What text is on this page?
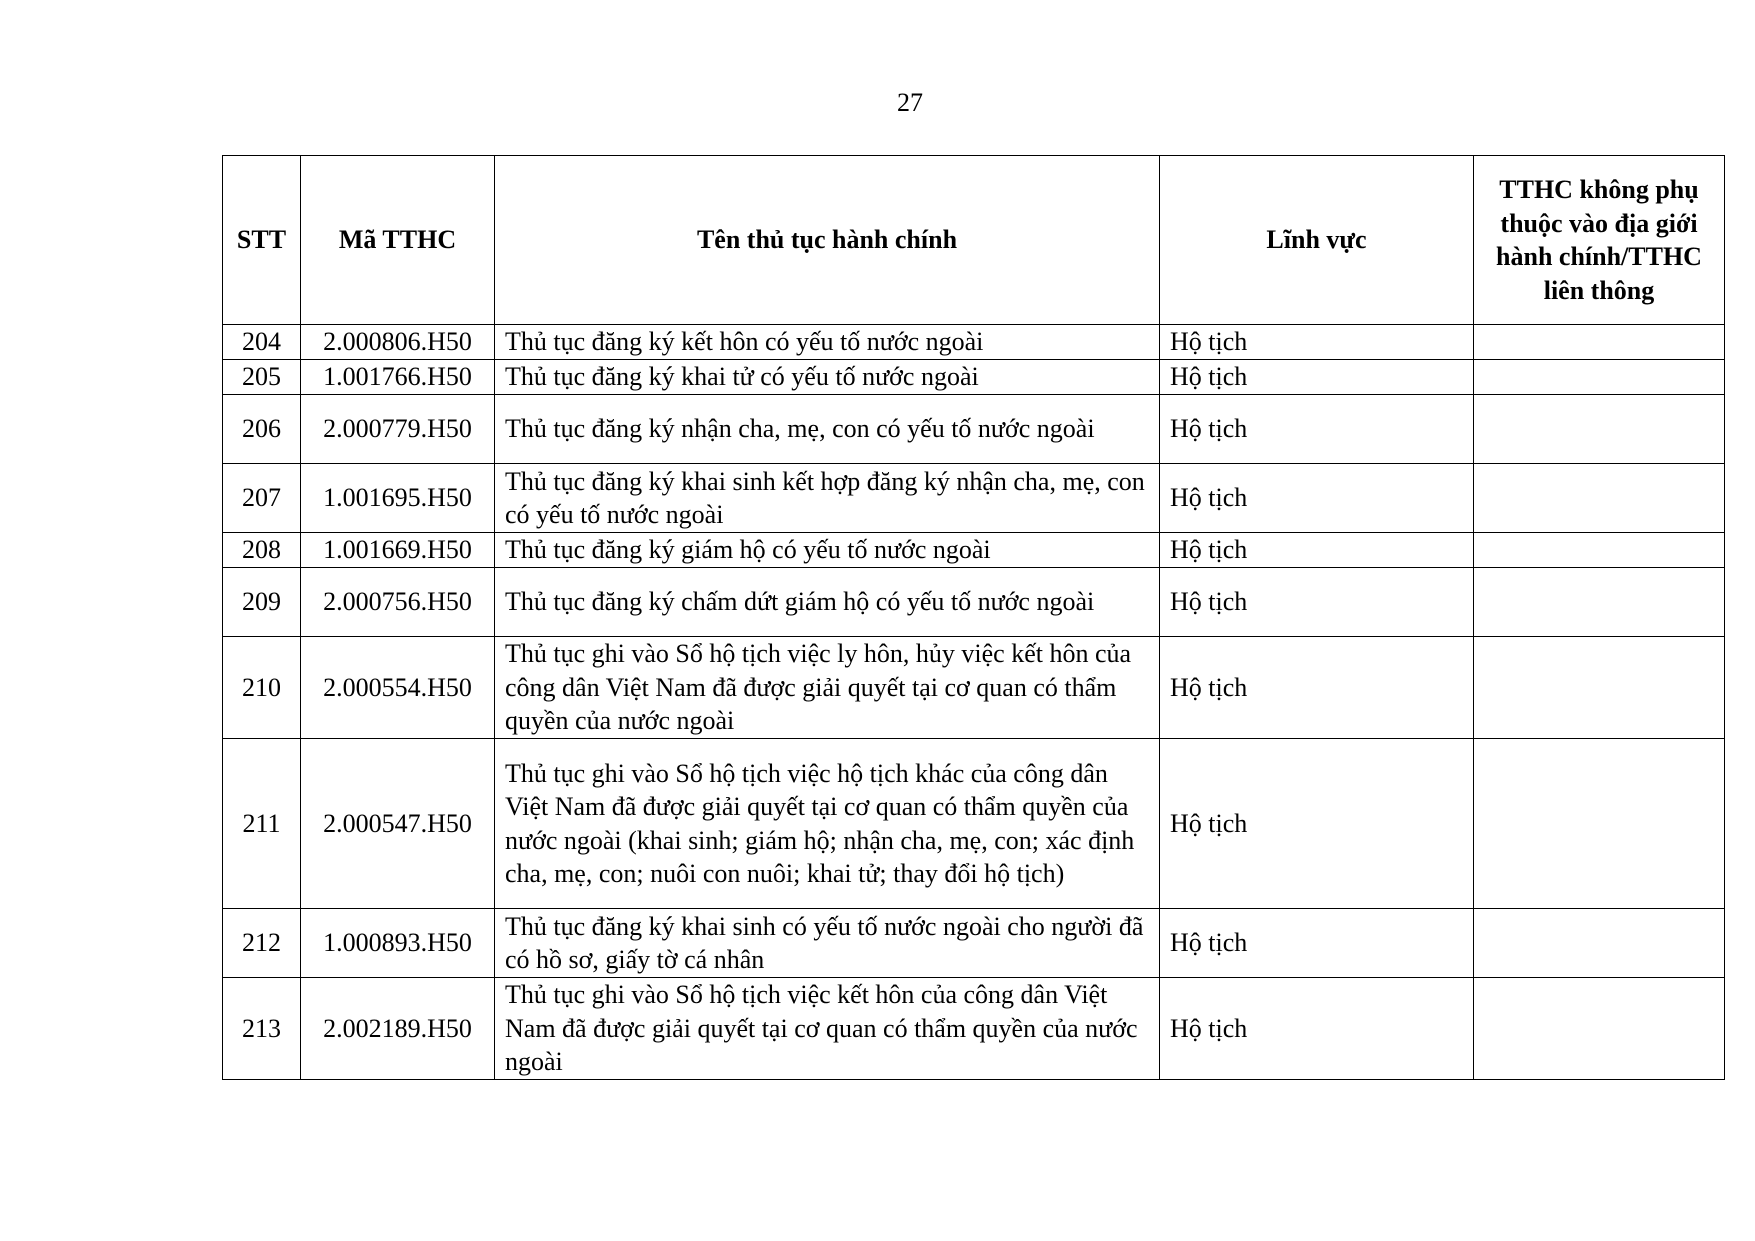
27
STT	Mã TTHC	Tên thủ tục hành chính	Lĩnh vực	TTHC không phụ thuộc vào địa giới hành chính/TTHC liên thông
204	2.000806.H50	Thủ tục đăng ký kết hôn có yếu tố nước ngoài	Hộ tịch	
205	1.001766.H50	Thủ tục đăng ký khai tử có yếu tố nước ngoài	Hộ tịch	
206	2.000779.H50	Thủ tục đăng ký nhận cha, mẹ, con có yếu tố nước ngoài	Hộ tịch	
207	1.001695.H50	Thủ tục đăng ký khai sinh kết hợp đăng ký nhận cha, mẹ, con có yếu tố nước ngoài	Hộ tịch	
208	1.001669.H50	Thủ tục đăng ký giám hộ có yếu tố nước ngoài	Hộ tịch	
209	2.000756.H50	Thủ tục đăng ký chấm dứt giám hộ có yếu tố nước ngoài	Hộ tịch	
210	2.000554.H50	Thủ tục ghi vào Sổ hộ tịch việc ly hôn, hủy việc kết hôn của công dân Việt Nam đã được giải quyết tại cơ quan có thẩm quyền của nước ngoài	Hộ tịch	
211	2.000547.H50	Thủ tục ghi vào Sổ hộ tịch việc hộ tịch khác của công dân Việt Nam đã được giải quyết tại cơ quan có thẩm quyền của nước ngoài (khai sinh; giám hộ; nhận cha, mẹ, con; xác định cha, mẹ, con; nuôi con nuôi; khai tử; thay đổi hộ tịch)	Hộ tịch	
212	1.000893.H50	Thủ tục đăng ký khai sinh có yếu tố nước ngoài cho người đã có hồ sơ, giấy tờ cá nhân	Hộ tịch	
213	2.002189.H50	Thủ tục ghi vào Sổ hộ tịch việc kết hôn của công dân Việt Nam đã được giải quyết tại cơ quan có thẩm quyền của nước ngoài	Hộ tịch	
